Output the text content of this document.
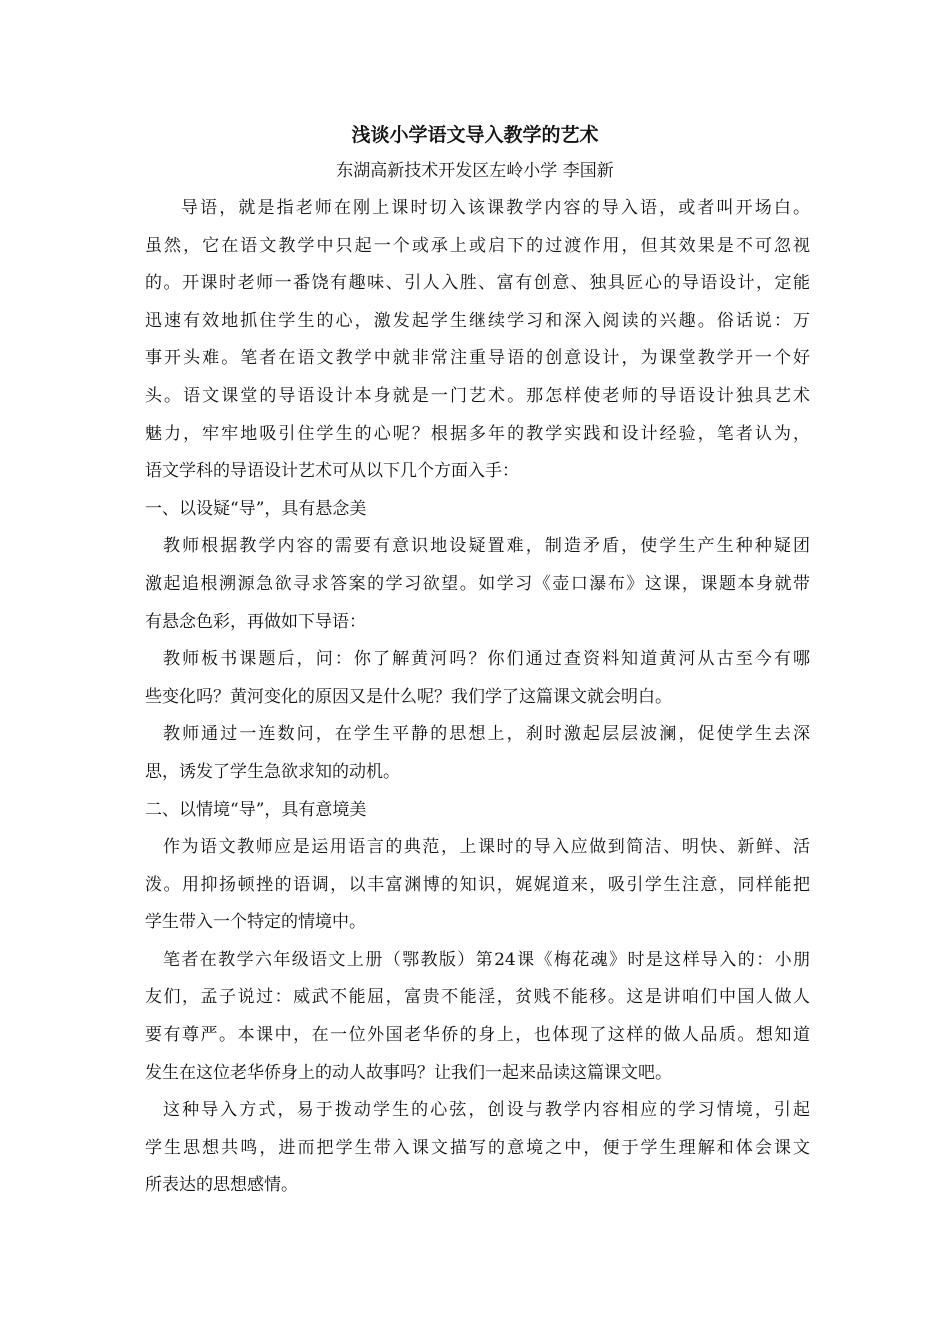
浅谈小学语文导入教学的艺术
东湖高新技术开发区左岭小学 李国新
导语，就是指老师在刚上课时切入该课教学内容的导入语，或者叫开场白。
虽然，它在语文教学中只起一个或承上或启下的过渡作用，但其效果是不可忽视
的。开课时老师一番饶有趣味、引人入胜、富有创意、独具匠心的导语设计，定能
迅速有效地抓住学生的心，激发起学生继续学习和深入阅读的兴趣。俗话说：万
事开头难。笔者在语文教学中就非常注重导语的创意设计，为课堂教学开一个好
头。语文课堂的导语设计本身就是一门艺术。那怎样使老师的导语设计独具艺术
魅力，牢牢地吸引住学生的心呢？根据多年的教学实践和设计经验，笔者认为，
语文学科的导语设计艺术可从以下几个方面入手：
一、以设疑“导”，具有悬念美
教师根据教学内容的需要有意识地设疑置难，制造矛盾，使学生产生种种疑团
激起追根溯源急欲寻求答案的学习欲望。如学习《壶口瀑布》这课，课题本身就带
有悬念色彩，再做如下导语：
教师板书课题后，问：你了解黄河吗？你们通过查资料知道黄河从古至今有哪
些变化吗？黄河变化的原因又是什么呢？我们学了这篇课文就会明白。
教师通过一连数问，在学生平静的思想上，刹时激起层层波澜，促使学生去深
思，诱发了学生急欲求知的动机。
二、以情境“导”，具有意境美
作为语文教师应是运用语言的典范，上课时的导入应做到简洁、明快、新鲜、活
泼。用抑扬顿挫的语调，以丰富渊博的知识，娓娓道来，吸引学生注意，同样能把
学生带入一个特定的情境中。
笔者在教学六年级语文上册（鄂教版）第24课《梅花魂》时是这样导入的：小朋
友们，孟子说过：威武不能屈，富贵不能淫，贫贱不能移。这是讲咱们中国人做人
要有尊严。本课中，在一位外国老华侨的身上，也体现了这样的做人品质。想知道
发生在这位老华侨身上的动人故事吗？让我们一起来品读这篇课文吧。
这种导入方式，易于拨动学生的心弦，创设与教学内容相应的学习情境，引起
学生思想共鸣，进而把学生带入课文描写的意境之中，便于学生理解和体会课文
所表达的思想感情。
